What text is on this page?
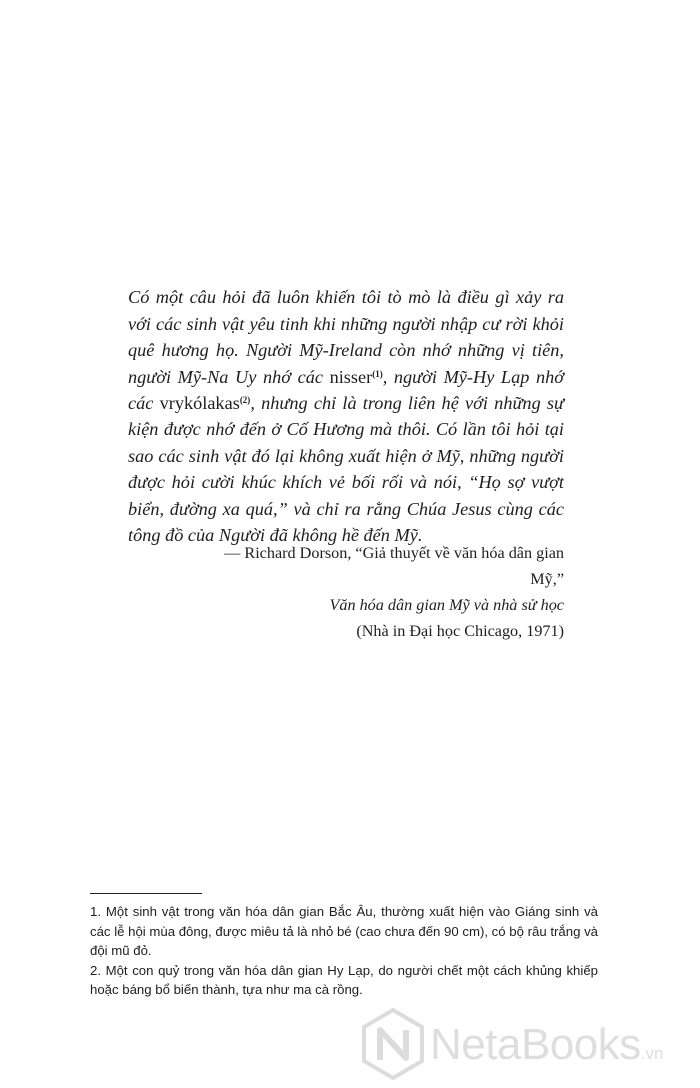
Có một câu hỏi đã luôn khiến tôi tò mò là điều gì xảy ra với các sinh vật yêu tinh khi những người nhập cư rời khỏi quê hương họ. Người Mỹ-Ireland còn nhớ những vị tiên, người Mỹ-Na Uy nhớ các nisser$^{(1)}$, người Mỹ-Hy Lạp nhớ các vrykólakas$^{(2)}$, nhưng chỉ là trong liên hệ với những sự kiện được nhớ đến ở Cố Hương mà thôi. Có lần tôi hỏi tại sao các sinh vật đó lại không xuất hiện ở Mỹ, những người được hỏi cười khúc khích vẻ bối rối và nói, “Họ sợ vượt biển, đường xa quá,” và chỉ ra rằng Chúa Jesus cùng các tông đồ của Người đã không hề đến Mỹ.

— Richard Dorson, “Giả thuyết về văn hóa dân gian Mỹ,”
Văn hóa dân gian Mỹ và nhà sử học
(Nhà in Đại học Chicago, 1971)

1. Một sinh vật trong văn hóa dân gian Bắc Âu, thường xuất hiện vào Giáng sinh và các lễ hội mùa đông, được miêu tả là nhỏ bé (cao chưa đến 90 cm), có bộ râu trắng và đội mũ đỏ.

2. Một con quỷ trong văn hóa dân gian Hy Lạp, do người chết một cách khủng khiếp hoặc báng bổ biến thành, tựa như ma cà rồng.

NetaBooks.vn
